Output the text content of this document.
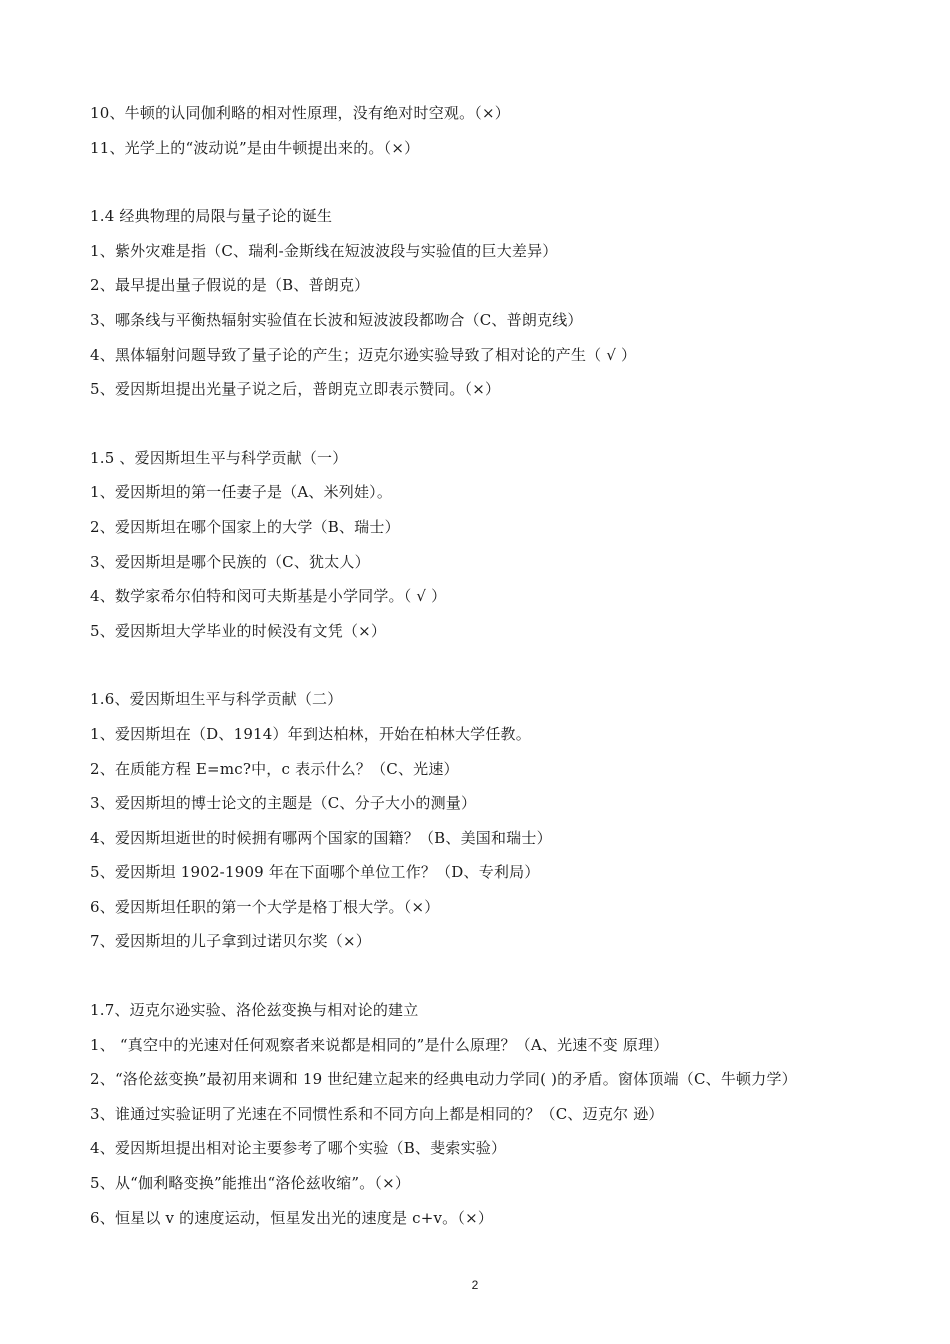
10、牛顿的认同伽利略的相对性原理，没有绝对时空观。（×）
11、光学上的“波动说”是由牛顿提出来的。（×）
1.4 经典物理的局限与量子论的诞生
1、紫外灾难是指（C、瑞利-金斯线在短波波段与实验值的巨大差异）
2、最早提出量子假说的是（B、普朗克）
3、哪条线与平衡热辐射实验值在长波和短波波段都吻合（C、普朗克线）
4、黑体辐射问题导致了量子论的产生；迈克尔逊实验导致了相对论的产生（ √ ）
5、爱因斯坦提出光量子说之后，普朗克立即表示赞同。（×）
1.5 、爱因斯坦生平与科学贡献（一）
1、爱因斯坦的第一任妻子是（A、米列娃）。
2、爱因斯坦在哪个国家上的大学（B、瑞士）
3、爱因斯坦是哪个民族的（C、犹太人）
4、数学家希尔伯特和闵可夫斯基是小学同学。（ √ ）
5、爱因斯坦大学毕业的时候没有文凭（×）
1.6、爱因斯坦生平与科学贡献（二）
1、爱因斯坦在（D、1914）年到达柏林，开始在柏林大学任教。
2、在质能方程 E=mc?中，c 表示什么？（C、光速）
3、爱因斯坦的博士论文的主题是（C、分子大小的测量）
4、爱因斯坦逝世的时候拥有哪两个国家的国籍？（B、美国和瑞士）
5、爱因斯坦 1902-1909 年在下面哪个单位工作？（D、专利局）
6、爱因斯坦任职的第一个大学是格丁根大学。（×）
7、爱因斯坦的儿子拿到过诺贝尔奖（×）
1.7、迈克尔逊实验、洛伦兹变换与相对论的建立
1、 “真空中的光速对任何观察者来说都是相同的”是什么原理？（A、光速不变 原理）
2、“洛伦兹变换”最初用来调和 19 世纪建立起来的经典电动力学同( )的矛盾。窗体顶端（C、牛顿力学）
3、谁通过实验证明了光速在不同惯性系和不同方向上都是相同的？（C、迈克尔 逊）
4、爱因斯坦提出相对论主要参考了哪个实验（B、斐索实验）
5、从“伽利略变换”能推出“洛伦兹收缩”。（×）
6、恒星以 v 的速度运动，恒星发出光的速度是 c+v。（×）
2
